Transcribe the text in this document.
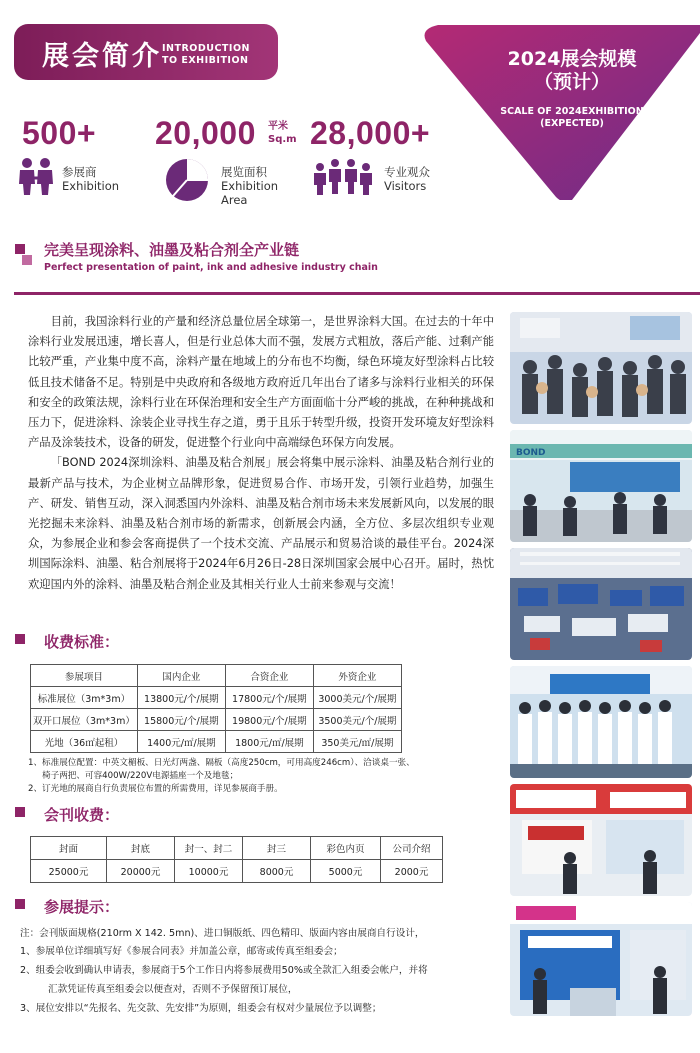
展会简介 INTRODUCTION
TO EXHIBITION	2024展会规模
（预计）
SCALE OF 2024EXHIBITION
(EXPECTED)
500+ 20,000 平米
Sq.m 28,000+
参展商
Exhibition
展览面积
Exhibition
Area
专业观众
Visitors
完美呈现涂料、油墨及粘合剂全产业链
Perfect presentation of paint, ink and adhesive industry chain

目前，我国涂料行业的产量和经济总量位居全球第一，是世界涂料大国。在过去的十年中涂料行业发展迅速，增长喜人，但是行业总体大而不强，发展方式粗放，落后产能、过剩产能比较严重，产业集中度不高，涂料产量在地域上的分布也不均衡，绿色环境友好型涂料占比较低且技术储备不足。特别是中央政府和各级地方政府近几年出台了诸多与涂料行业相关的环保和安全的政策法规，涂料行业在环保治理和安全生产方面面临十分严峻的挑战，在种种挑战和压力下，促进涂料、涂装企业寻找生存之道，勇于且乐于转型升级，投资开发环境友好型涂料产品及涂装技术，设备的研发，促进整个行业向中高端绿色环保方向发展。

「BOND 2024深圳涂料、油墨及粘合剂展」展会将集中展示涂料、油墨及粘合剂行业的最新产品与技术，为企业树立品牌形象，促进贸易合作、市场开发，引领行业趋势，加强生产、研发、销售互动，深入洞悉国内外涂料、油墨及粘合剂市场未来发展新风向，以发展的眼光挖掘未来涂料、油墨及粘合剂市场的新需求，创新展会内涵，全方位、多层次组织专业观众，为参展企业和参会客商提供了一个技术交流、产品展示和贸易洽谈的最佳平台。2024深圳国际涂料、油墨、粘合剂展将于2024年6月26日-28日深圳国家会展中心召开。届时，热忱欢迎国内外的涂料、油墨及粘合剂企业及其相关行业人士前来参观与交流！

BOND
收费标准：
参展项目	国内企业	合资企业	外资企业
标准展位（3m*3m）	13800元/个/展期	17800元/个/展期	3000美元/个/展期
双开口展位（3m*3m）	15800元/个/展期	19800元/个/展期	3500美元/个/展期
光地（36㎡起租）	1400元/㎡/展期	1800元/㎡/展期	350美元/㎡/展期
1、标准展位配置：中英文楣板、日光灯两盏、隔板（高度250cm，可用高度246cm）、洽谈桌一张、
椅子两把、可容400W/220V电源插座一个及地毯；
2、订光地的展商自行负责展位布置的所需费用，详见参展商手册。
会刊收费：
封面	封底	封一、封二	封三	彩色内页	公司介绍
25000元	20000元	10000元	8000元	5000元	2000元
参展提示：
注：会刊版面规格(210rm X 142. 5mn)、进口铜版纸、四色精印、版面内容由展商自行设计，
1、参展单位详细填写好《参展合同表》并加盖公章，邮寄或传真至组委会；
2、组委会收到确认申请表，参展商于5个工作日内将参展费用50%或全款汇入组委会帐户，并将
汇款凭证传真至组委会以便查对，否则不予保留预订展位，
3、展位安排以“先报名、先交款、先安排”为原则，组委会有权对少量展位予以调整；
